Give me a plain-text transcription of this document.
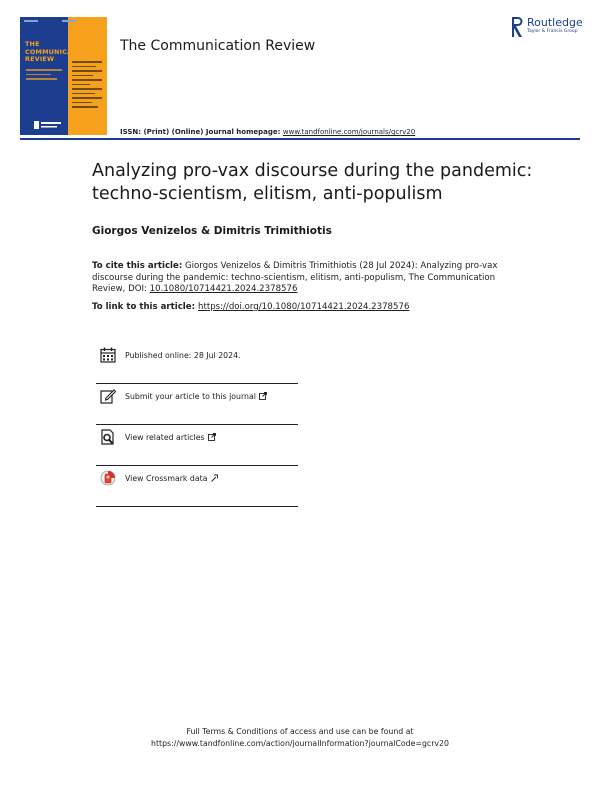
THE
COMMUNICATION
REVIEW
The Communication Review
Routledge
Taylor & Francis Group
ISSN: (Print) (Online) Journal homepage: www.tandfonline.com/journals/gcrv20
Analyzing pro-vax discourse during the pandemic: techno-scientism, elitism, anti-populism
Giorgos Venizelos & Dimitris Trimithiotis
To cite this article: Giorgos Venizelos & Dimitris Trimithiotis (28 Jul 2024): Analyzing pro-vax discourse during the pandemic: techno-scientism, elitism, anti-populism, The Communication Review, DOI: 10.1080/10714421.2024.2378576
To link to this article: https://doi.org/10.1080/10714421.2024.2378576
Published online: 28 Jul 2024.
Submit your article to this journal
View related articles
View Crossmark data
Full Terms & Conditions of access and use can be found at
https://www.tandfonline.com/action/journalInformation?journalCode=gcrv20
